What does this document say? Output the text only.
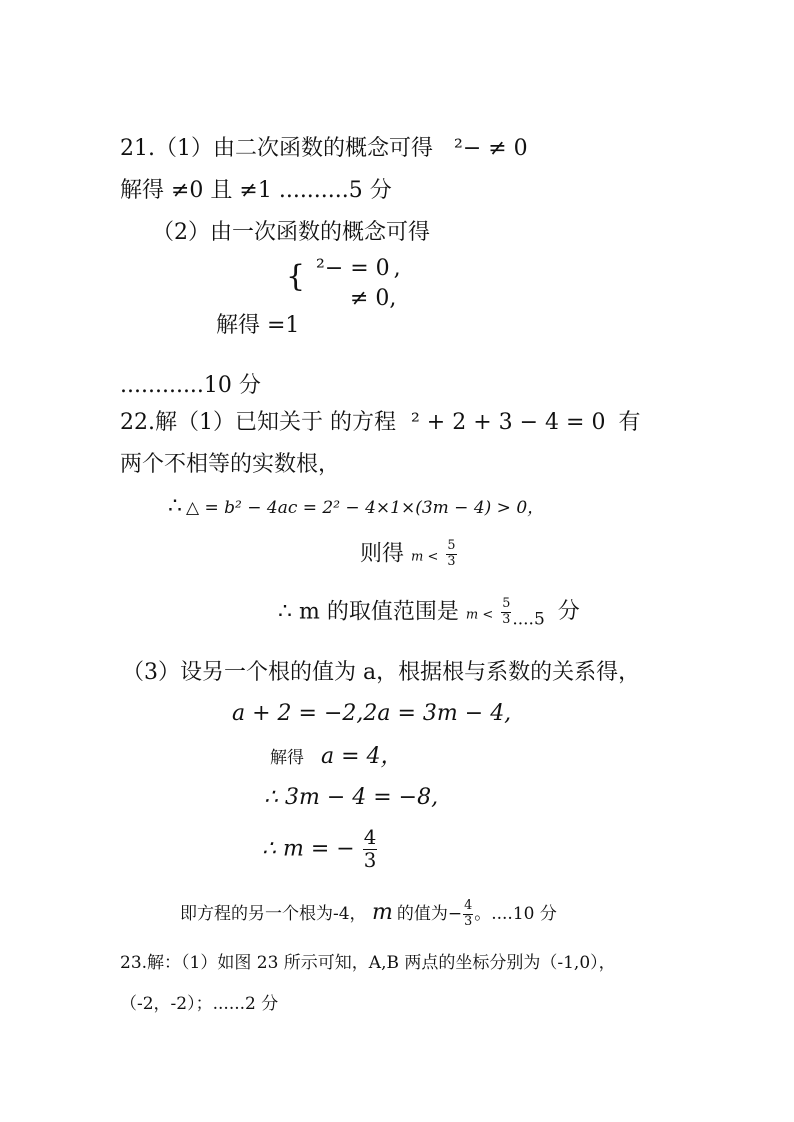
21.（1）由二次函数的概念可得 ²− ≠ 0
解得 ≠0 且 ≠1 ..........5 分
（2）由一次函数的概念可得
{ ²− = 0 ,
≠ 0,
解得 =1
............10 分
22.解（1）已知关于 的方程 ² + 2 + 3 − 4 = 0 有
两个不相等的实数根，
∴ △ = b² − 4ac = 2² − 4×1×(3m − 4) > 0，
则得 $m < \frac{5}{3}$
∴ m 的取值范围是 $m < \frac{5}{3} _{....5}$ 分
（3）设另一个根的值为 a，根据根与系数的关系得，
a + 2 = −2,2a = 3m − 4,
解得 a = 4，
∴ 3m − 4 = −8,
∴ m = − $\frac{4}{3}$
即方程的另一个根为-4， m 的值为− $\frac{4}{3}$ 。....10 分
23.解：（1）如图 23 所示可知，A,B 两点的坐标分别为（-1,0），
（-2，-2）；......2 分
